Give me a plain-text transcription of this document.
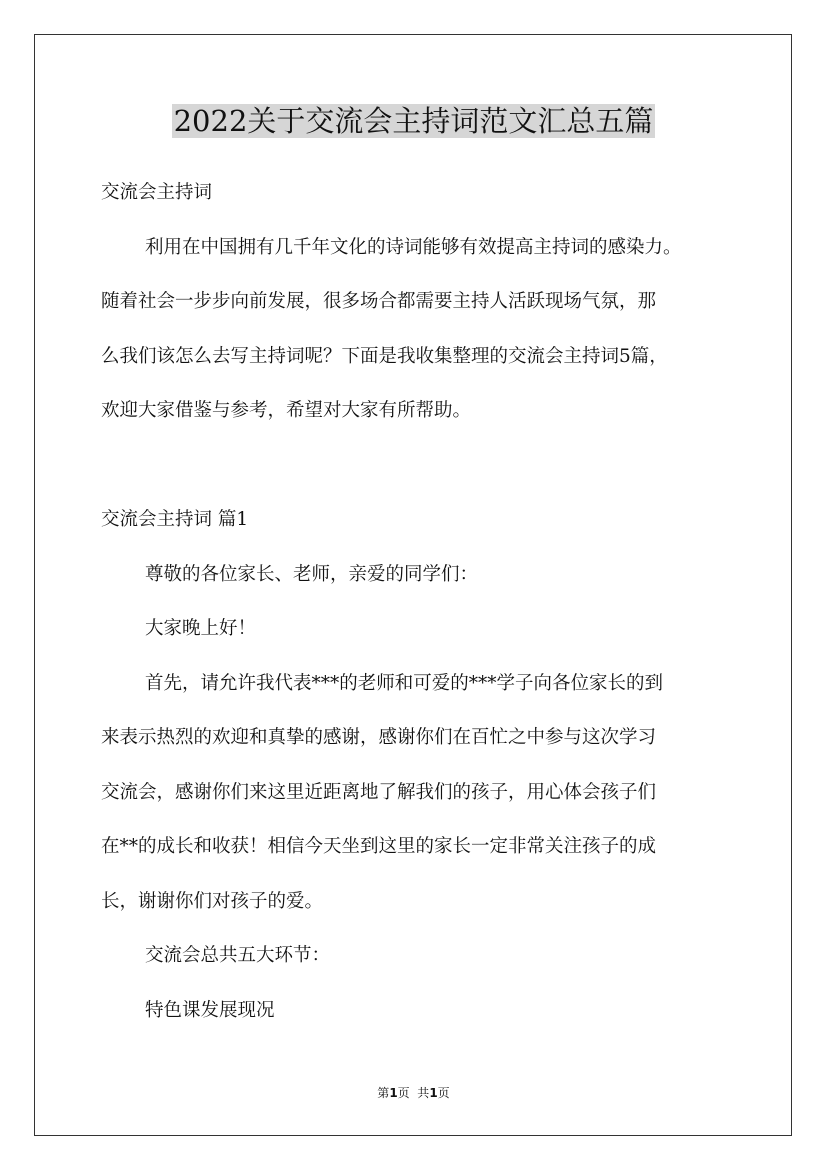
2022关于交流会主持词范文汇总五篇
交流会主持词
利用在中国拥有几千年文化的诗词能够有效提高主持词的感染力。
随着社会一步步向前发展，很多场合都需要主持人活跃现场气氛，那
么我们该怎么去写主持词呢？下面是我收集整理的交流会主持词5篇，
欢迎大家借鉴与参考，希望对大家有所帮助。
交流会主持词 篇1
尊敬的各位家长、老师，亲爱的同学们：
大家晚上好！
首先，请允许我代表***的老师和可爱的***学子向各位家长的到
来表示热烈的欢迎和真挚的感谢，感谢你们在百忙之中参与这次学习
交流会，感谢你们来这里近距离地了解我们的孩子，用心体会孩子们
在**的成长和收获！相信今天坐到这里的家长一定非常关注孩子的成
长，谢谢你们对孩子的爱。
交流会总共五大环节：
特色课发展现况
第1页  共1页
